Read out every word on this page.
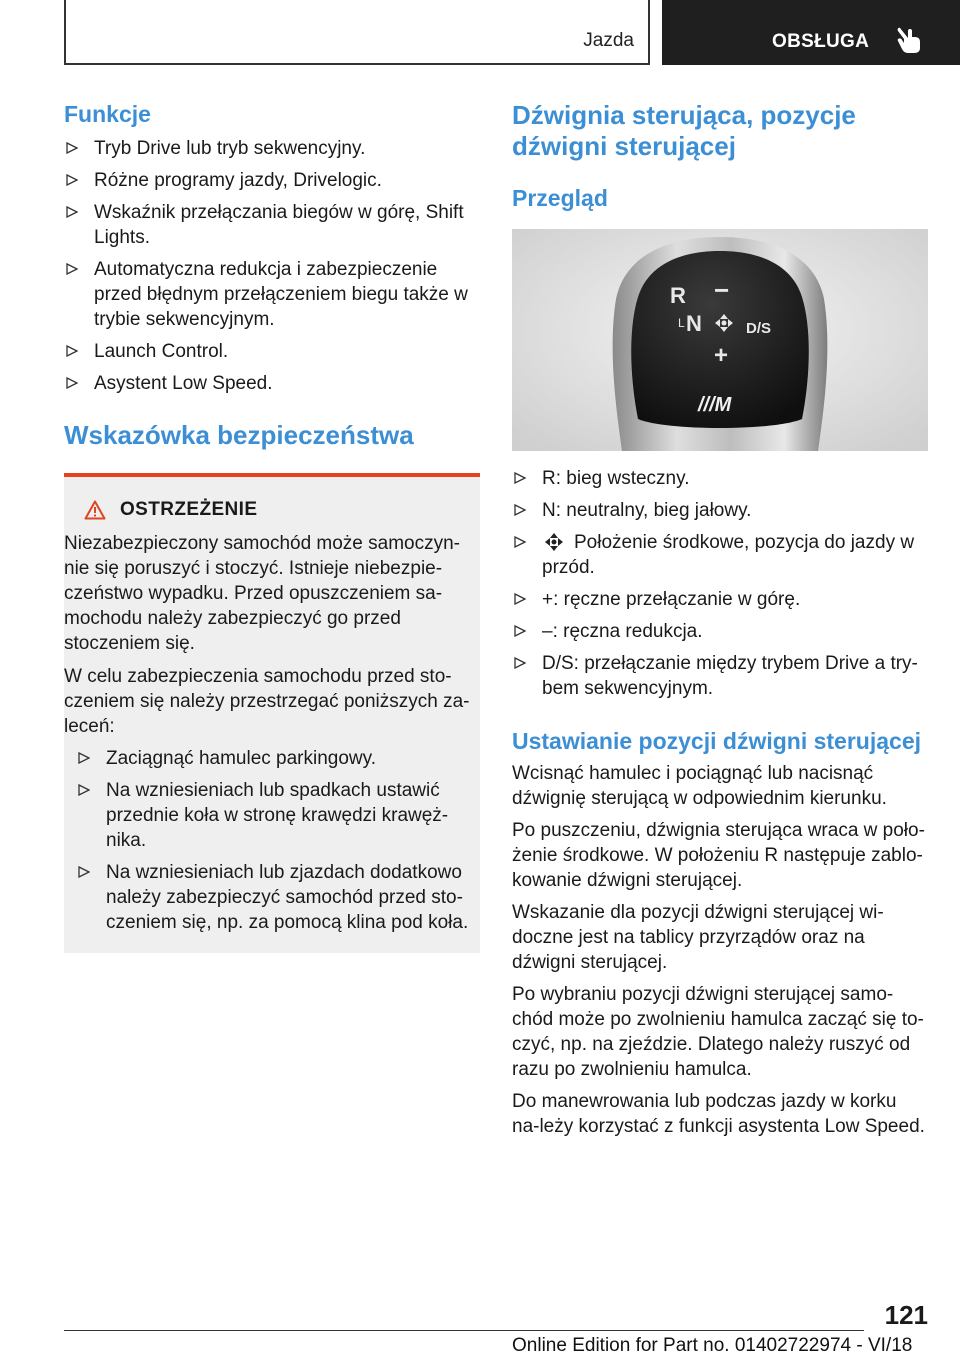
Jazda	OBSŁUGA
Funkcje
Tryb Drive lub tryb sekwencyjny.
Różne programy jazdy, Drivelogic.
Wskaźnik przełączania biegów w górę, Shift Lights.
Automatyczna redukcja i zabezpieczenie przed błędnym przełączeniem biegu także w trybie sekwencyjnym.
Launch Control.
Asystent Low Speed.
Wskazówka bezpieczeństwa
OSTRZEŻENIE

Niezabezpieczony samochód może samoczyn-nie się poruszyć i stoczyć. Istnieje niebezpie-czeństwo wypadku. Przed opuszczeniem sa-mochodu należy zabezpieczyć go przed stoczeniem się.

W celu zabezpieczenia samochodu przed sto-czeniem się należy przestrzegać poniższych za-leceń:

Zaciągnąć hamulec parkingowy.
Na wzniesieniach lub spadkach ustawić przednie koła w stronę krawędzi krawęż-nika.
Na wzniesieniach lub zjazdach dodatkowo należy zabezpieczyć samochód przed sto-czeniem się, np. za pomocą klina pod koła.
Dźwignia sterująca, pozycje dźwigni sterującej
Przegląd
R −
L N	D/S
+
///M
R: bieg wsteczny.
N: neutralny, bieg jałowy.
Położenie środkowe, pozycja do jazdy w przód.
+: ręczne przełączanie w górę.
–: ręczna redukcja.
D/S: przełączanie między trybem Drive a try-bem sekwencyjnym.
Ustawianie pozycji dźwigni sterującej

Wcisnąć hamulec i pociągnąć lub nacisnąć dźwignię sterującą w odpowiednim kierunku.

Po puszczeniu, dźwignia sterująca wraca w poło-żenie środkowe. W położeniu R następuje zablo-kowanie dźwigni sterującej.

Wskazanie dla pozycji dźwigni sterującej wi-doczne jest na tablicy przyrządów oraz na dźwigni sterującej.

Po wybraniu pozycji dźwigni sterującej samo-chód może po zwolnieniu hamulca zacząć się to-czyć, np. na zjeździe. Dlatego należy ruszyć od razu po zwolnieniu hamulca.

Do manewrowania lub podczas jazdy w korku na-leży korzystać z funkcji asystenta Low Speed.

121
Online Edition for Part no. 01402722974 - VI/18
